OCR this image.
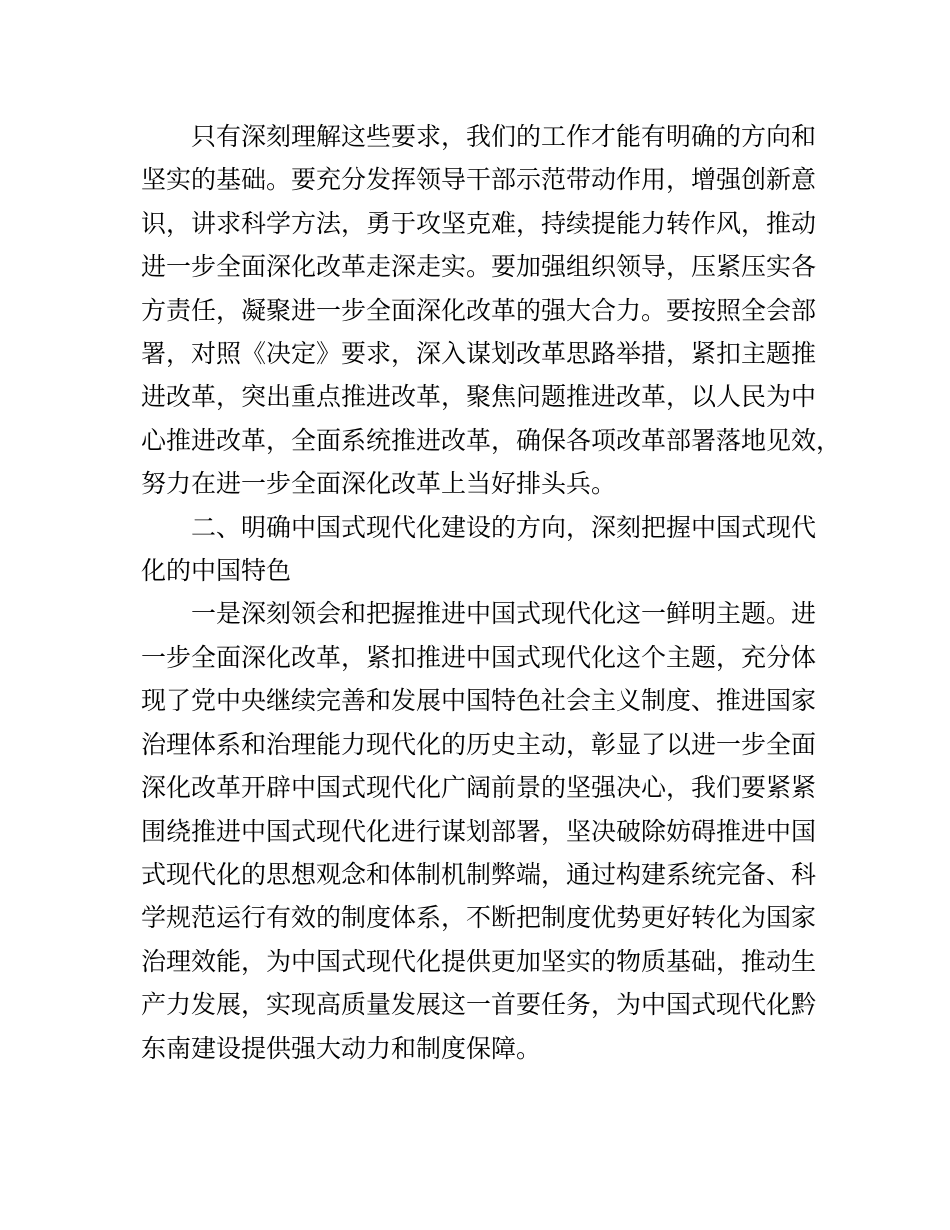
只有深刻理解这些要求，我们的工作才能有明确的方向和
坚实的基础。要充分发挥领导干部示范带动作用，增强创新意
识，讲求科学方法，勇于攻坚克难，持续提能力转作风，推动
进一步全面深化改革走深走实。要加强组织领导，压紧压实各
方责任，凝聚进一步全面深化改革的强大合力。要按照全会部
署，对照《决定》要求，深入谋划改革思路举措，紧扣主题推
进改革，突出重点推进改革，聚焦问题推进改革，以人民为中
心推进改革，全面系统推进改革，确保各项改革部署落地见效，
努力在进一步全面深化改革上当好排头兵。

二、明确中国式现代化建设的方向，深刻把握中国式现代
化的中国特色

一是深刻领会和把握推进中国式现代化这一鲜明主题。进
一步全面深化改革，紧扣推进中国式现代化这个主题，充分体
现了党中央继续完善和发展中国特色社会主义制度、推进国家
治理体系和治理能力现代化的历史主动，彰显了以进一步全面
深化改革开辟中国式现代化广阔前景的坚强决心，我们要紧紧
围绕推进中国式现代化进行谋划部署，坚决破除妨碍推进中国
式现代化的思想观念和体制机制弊端，通过构建系统完备、科
学规范运行有效的制度体系，不断把制度优势更好转化为国家
治理效能，为中国式现代化提供更加坚实的物质基础，推动生
产力发展，实现高质量发展这一首要任务，为中国式现代化黔
东南建设提供强大动力和制度保障。
